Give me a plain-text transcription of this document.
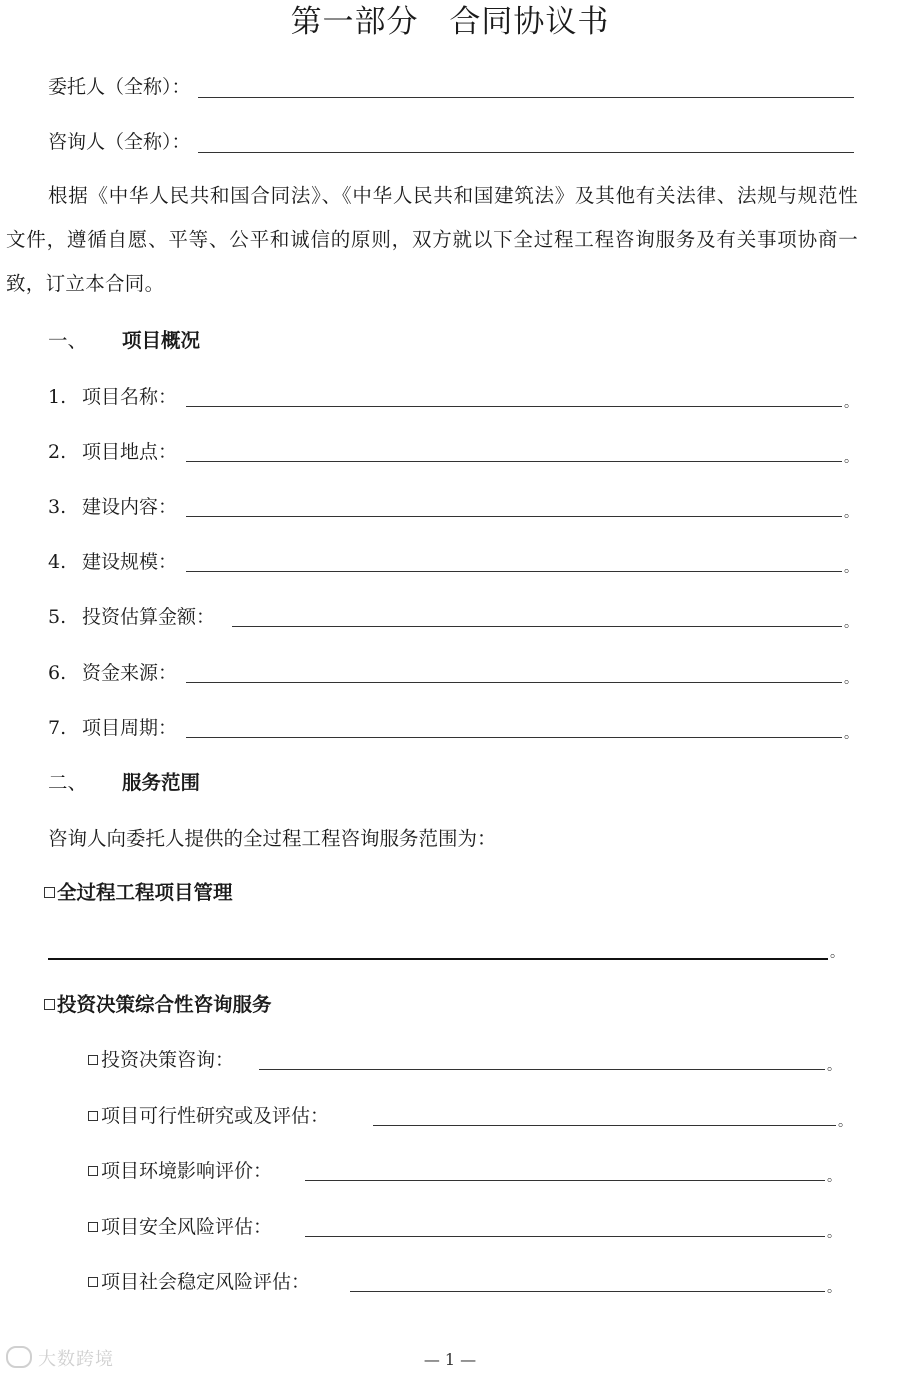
第一部分 合同协议书
委托人（全称）：
咨询人（全称）：
根据《中华人民共和国合同法》、《中华人民共和国建筑法》及其他有关法律、法规与规范性文件，遵循自愿、平等、公平和诚信的原则，双方就以下全过程工程咨询服务及有关事项协商一致，订立本合同。
一、 项目概况
1. 项目名称：	。
2. 项目地点：	。
3. 建设内容：	。
4. 建设规模：	。
5. 投资估算金额：	。
6. 资金来源：	。
7. 项目周期：	。
二、 服务范围
咨询人向委托人提供的全过程工程咨询服务范围为：
全过程工程项目管理
。
投资决策综合性咨询服务
投资决策咨询：	。
项目可行性研究或及评估：	。
项目环境影响评价：	。
项目安全风险评估：	。
项目社会稳定风险评估：	。
— 1 —
大数跨境
